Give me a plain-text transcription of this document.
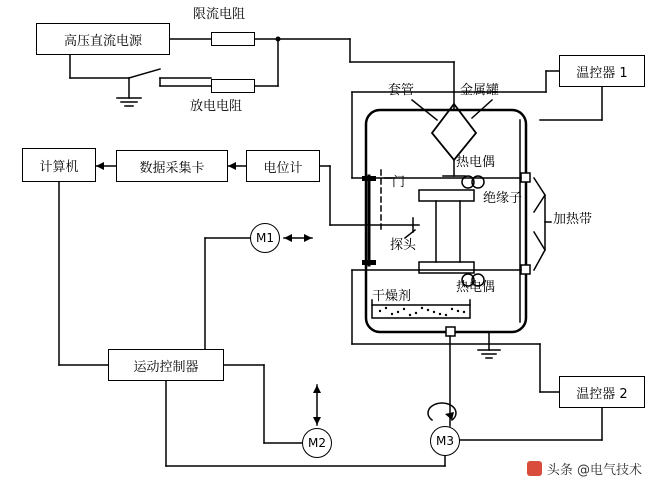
高压直流电源
温控器 1
计算机	数据采集卡	电位计
运动控制器
温控器 2
限流电阻
放电电阻
M1
M2	M3
套管	金属罐
热电偶
绝缘子
加热带
热电偶
门
探头
干燥剂
头条 @电气技术
